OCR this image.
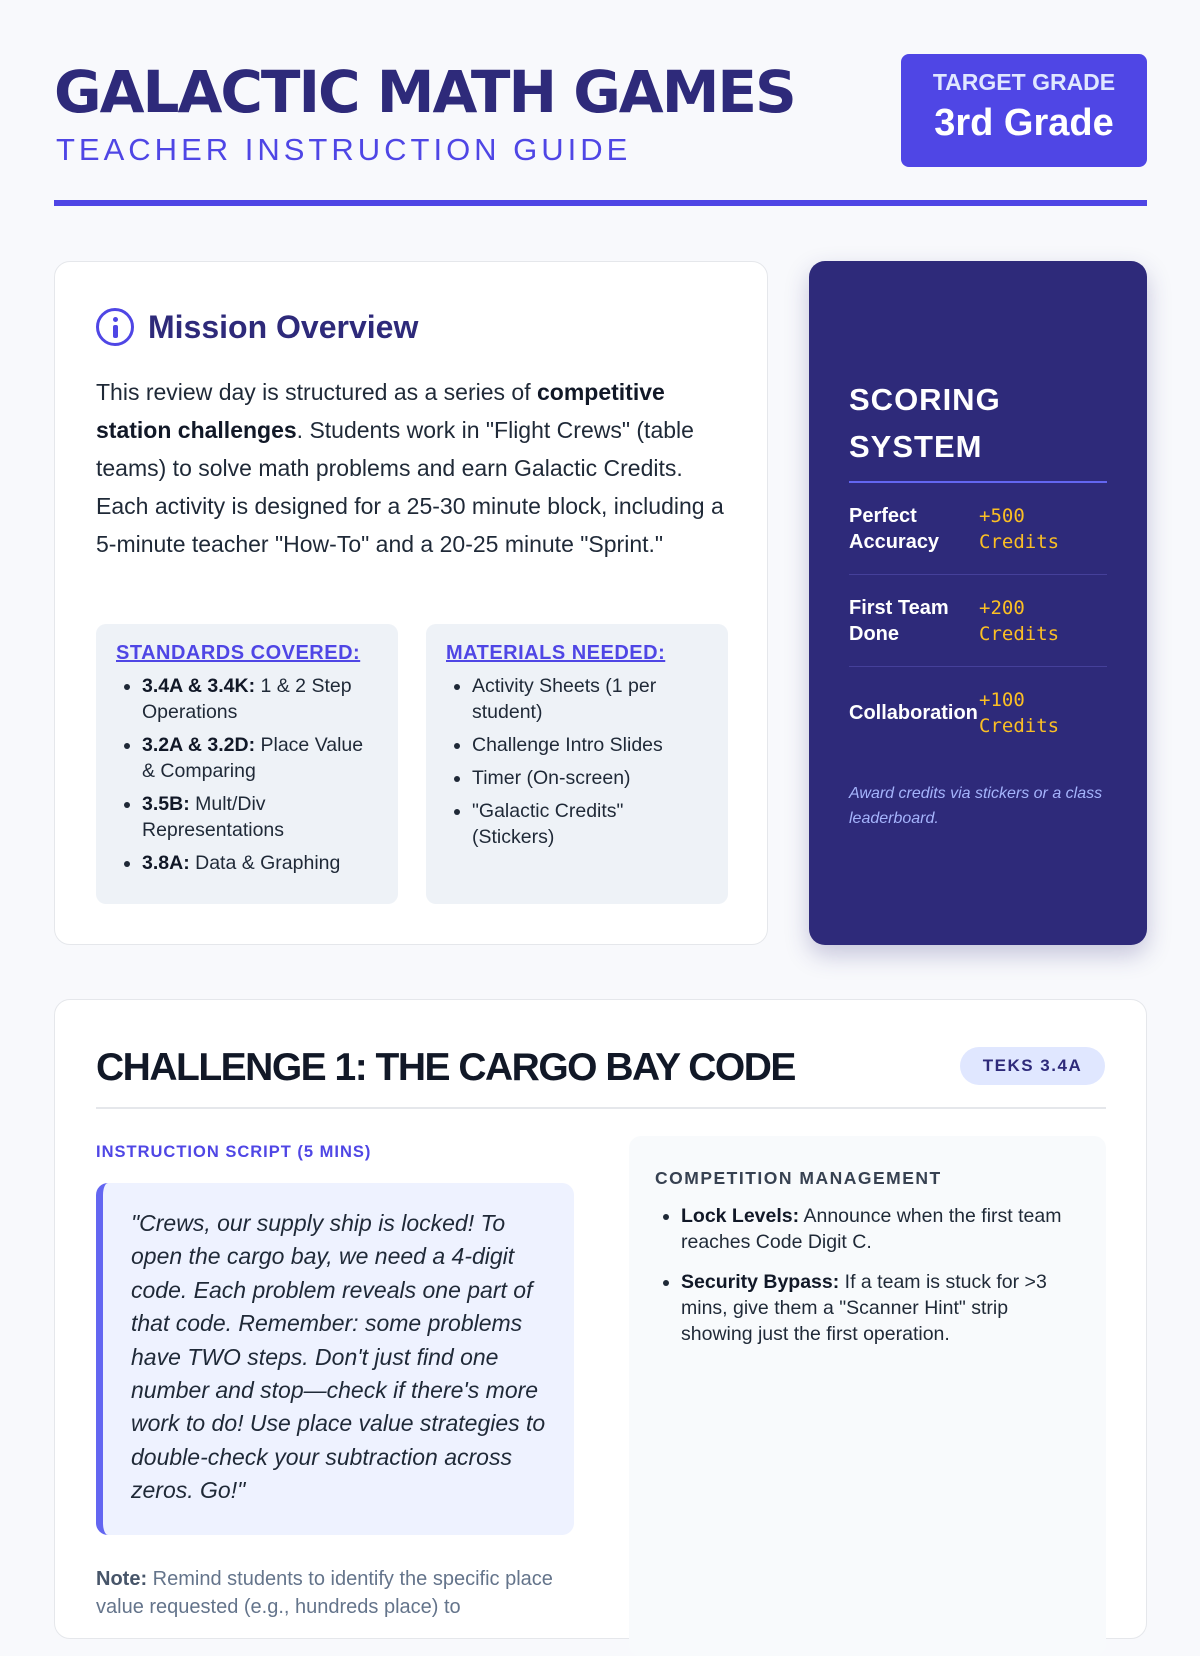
GALACTIC MATH GAMES
TEACHER INSTRUCTION GUIDE
TARGET GRADE
3rd Grade
Mission Overview

This review day is structured as a series of competitive station challenges. Students work in "Flight Crews" (table teams) to solve math problems and earn Galactic Credits. Each activity is designed for a 25-30 minute block, including a 5-minute teacher "How-To" and a 20-25 minute "Sprint."

STANDARDS COVERED:
• 3.4A & 3.4K: 1 & 2 Step Operations
• 3.2A & 3.2D: Place Value & Comparing
• 3.5B: Mult/Div Representations
• 3.8A: Data & Graphing
MATERIALS NEEDED:
• Activity Sheets (1 per student)
• Challenge Intro Slides
• Timer (On-screen)
• "Galactic Credits" (Stickers)
SCORING SYSTEM
Perfect Accuracy
+500 Credits
First Team Done
+200 Credits
Collaboration
+100 Credits
Award credits via stickers or a class leaderboard.
CHALLENGE 1: THE CARGO BAY CODE	TEKS 3.4A
INSTRUCTION SCRIPT (5 MINS)
"Crews, our supply ship is locked! To open the cargo bay, we need a 4-digit code. Each problem reveals one part of that code. Remember: some problems have TWO steps. Don't just find one number and stop—check if there's more work to do! Use place value strategies to double-check your subtraction across zeros. Go!"

Note: Remind students to identify the specific place value requested (e.g., hundreds place) to

COMPETITION MANAGEMENT
• Lock Levels: Announce when the first team reaches Code Digit C.
• Security Bypass: If a team is stuck for >3 mins, give them a "Scanner Hint" strip showing just the first operation.
